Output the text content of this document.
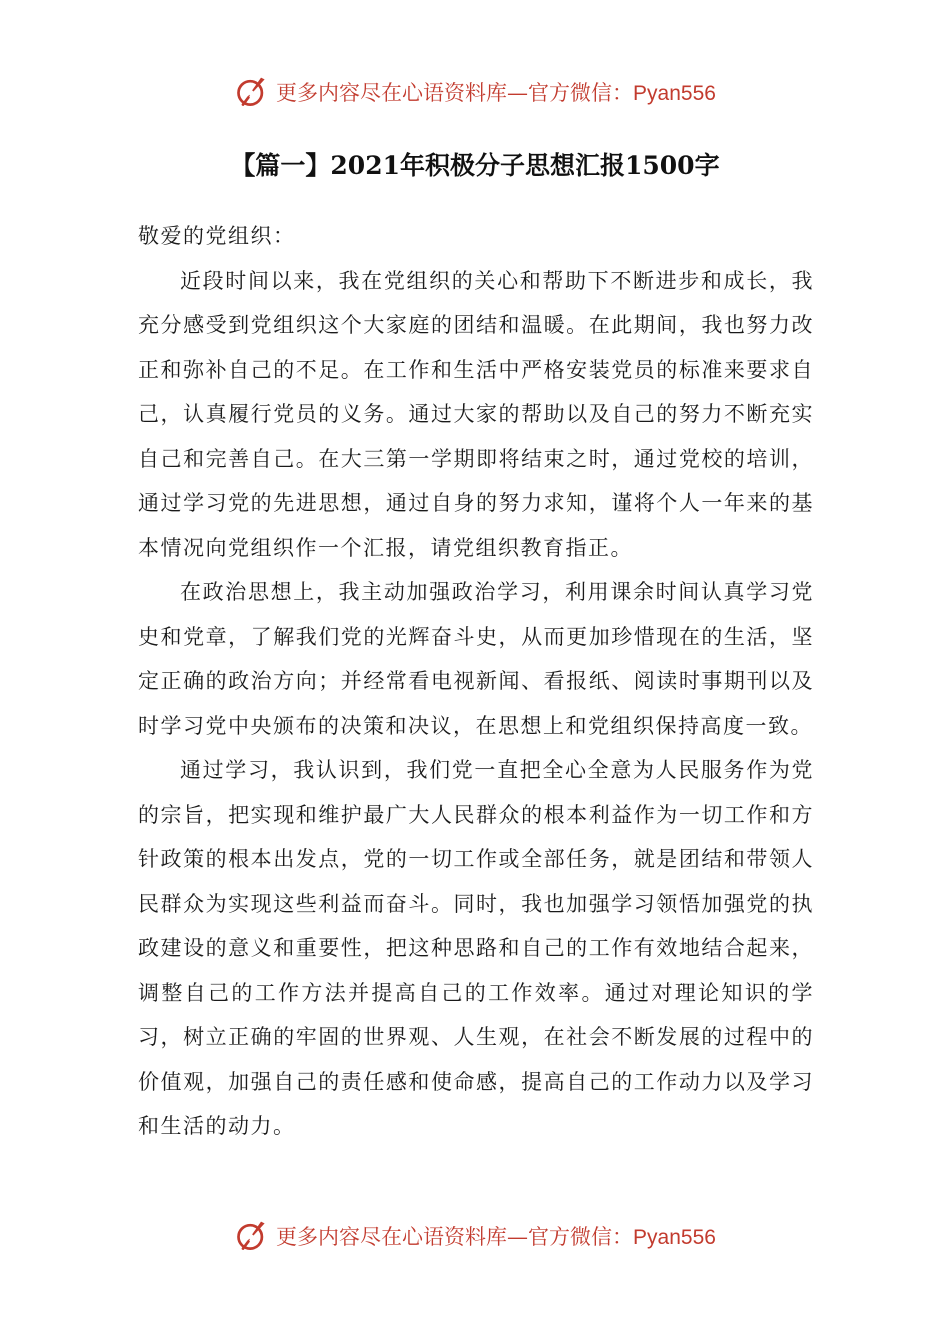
更多内容尽在心语资料库—官方微信：Pyan556
【篇一】2021年积极分子思想汇报1500字

敬爱的党组织：

近段时间以来，我在党组织的关心和帮助下不断进步和成长，我充分感受到党组织这个大家庭的团结和温暖。在此期间，我也努力改正和弥补自己的不足。在工作和生活中严格安装党员的标准来要求自己，认真履行党员的义务。通过大家的帮助以及自己的努力不断充实自己和完善自己。在大三第一学期即将结束之时，通过党校的培训，通过学习党的先进思想，通过自身的努力求知，谨将个人一年来的基本情况向党组织作一个汇报，请党组织教育指正。

在政治思想上，我主动加强政治学习，利用课余时间认真学习党史和党章，了解我们党的光辉奋斗史，从而更加珍惜现在的生活，坚定正确的政治方向；并经常看电视新闻、看报纸、阅读时事期刊以及时学习党中央颁布的决策和决议，在思想上和党组织保持高度一致。

通过学习，我认识到，我们党一直把全心全意为人民服务作为党的宗旨，把实现和维护最广大人民群众的根本利益作为一切工作和方针政策的根本出发点，党的一切工作或全部任务，就是团结和带领人民群众为实现这些利益而奋斗。同时，我也加强学习领悟加强党的执政建设的意义和重要性，把这种思路和自己的工作有效地结合起来，调整自己的工作方法并提高自己的工作效率。通过对理论知识的学习，树立正确的牢固的世界观、人生观，在社会不断发展的过程中的价值观，加强自己的责任感和使命感，提高自己的工作动力以及学习和生活的动力。

更多内容尽在心语资料库—官方微信：Pyan556
